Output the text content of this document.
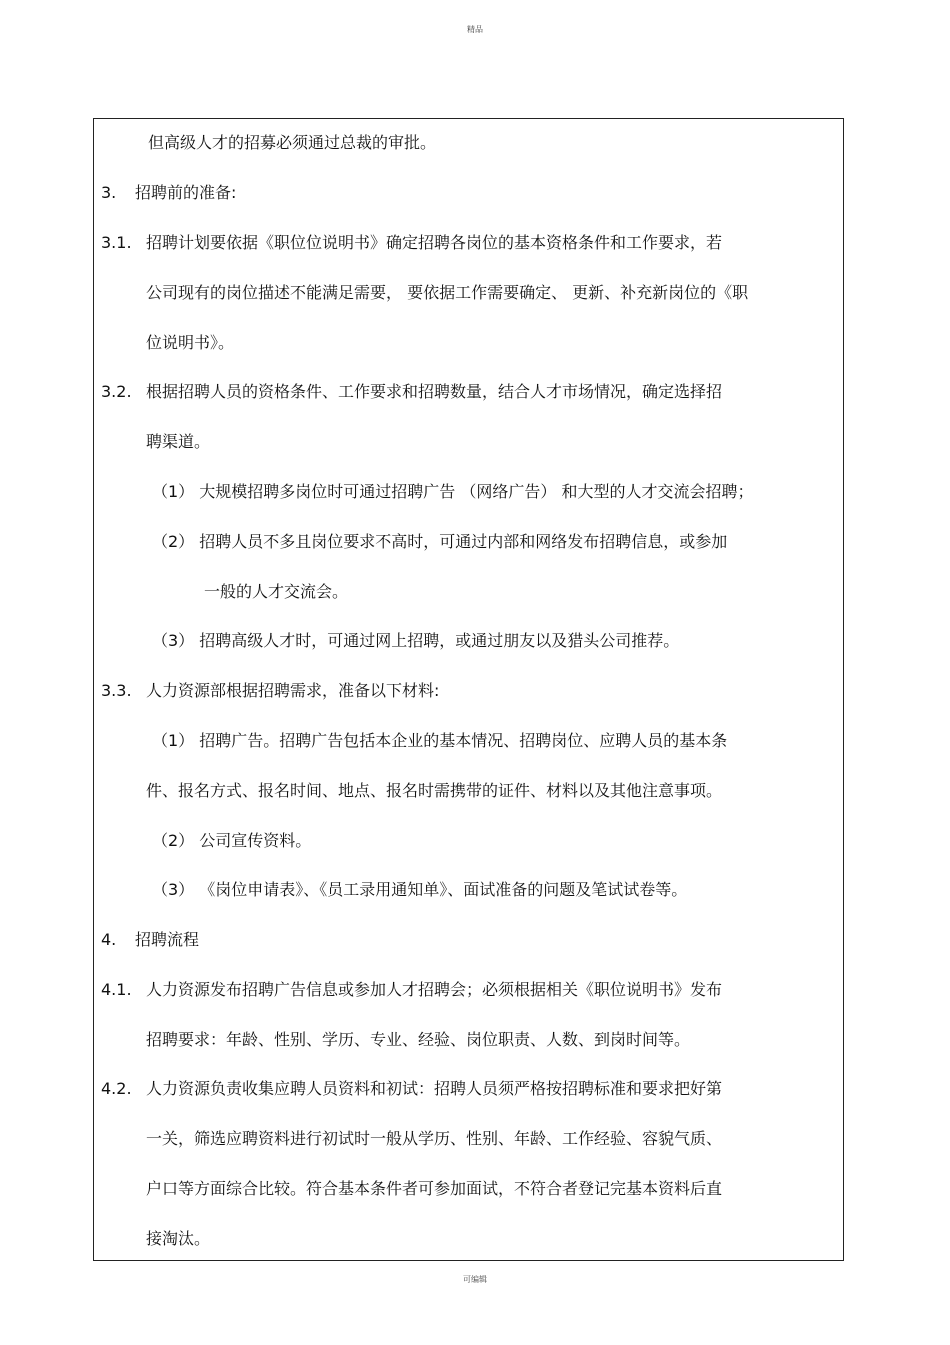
精品
但高级人才的招募必须通过总裁的审批。
3. 招聘前的准备:
3.1. 招聘计划要依据《职位位说明书》确定招聘各岗位的基本资格条件和工作要求，若
公司现有的岗位描述不能满足需要， 要依据工作需要确定、 更新、补充新岗位的《职
位说明书》。
3.2. 根据招聘人员的资格条件、工作要求和招聘数量，结合人才市场情况，确定选择招
聘渠道。
（1） 大规模招聘多岗位时可通过招聘广告 （网络广告） 和大型的人才交流会招聘；
（2） 招聘人员不多且岗位要求不高时，可通过内部和网络发布招聘信息，或参加
一般的人才交流会。
（3） 招聘高级人才时，可通过网上招聘，或通过朋友以及猎头公司推荐。
3.3. 人力资源部根据招聘需求，准备以下材料:
（1） 招聘广告。招聘广告包括本企业的基本情况、招聘岗位、应聘人员的基本条
件、报名方式、报名时间、地点、报名时需携带的证件、材料以及其他注意事项。
（2） 公司宣传资料。
（3） 《岗位申请表》、《员工录用通知单》、面试准备的问题及笔试试卷等。
4. 招聘流程
4.1. 人力资源发布招聘广告信息或参加人才招聘会；必须根据相关《职位说明书》发布
招聘要求：年龄、性别、学历、专业、经验、岗位职责、人数、到岗时间等。
4.2. 人力资源负责收集应聘人员资料和初试：招聘人员须严格按招聘标准和要求把好第
一关，筛选应聘资料进行初试时一般从学历、性别、年龄、工作经验、容貌气质、
户口等方面综合比较。符合基本条件者可参加面试，不符合者登记完基本资料后直
接淘汰。
可编辑
